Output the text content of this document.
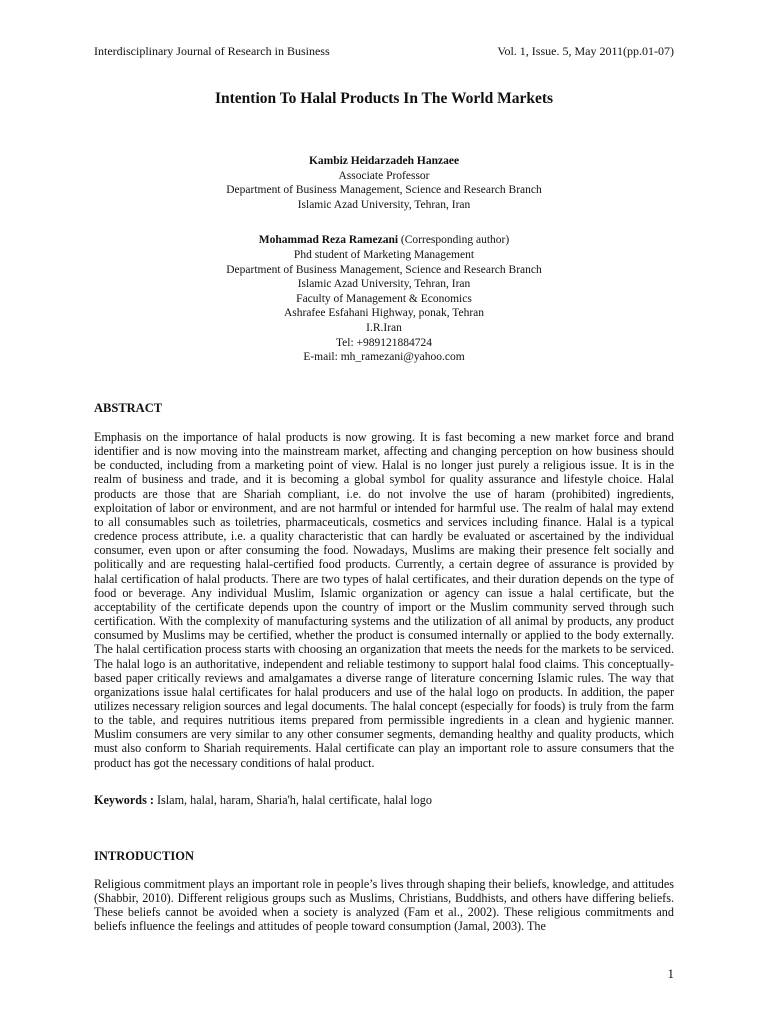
Interdisciplinary Journal of Research in Business	Vol. 1, Issue. 5, May 2011(pp.01-07)
Intention To Halal Products In The World Markets
Kambiz Heidarzadeh Hanzaee
Associate Professor
Department of Business Management, Science and Research Branch
Islamic Azad University, Tehran, Iran
Mohammad Reza Ramezani (Corresponding author)
Phd student of Marketing Management
Department of Business Management, Science and Research Branch
Islamic Azad University, Tehran, Iran
Faculty of Management & Economics
Ashrafee Esfahani Highway, ponak, Tehran
I.R.Iran
Tel: +989121884724
E-mail: mh_ramezani@yahoo.com
ABSTRACT
Emphasis on the importance of halal products is now growing. It is fast becoming a new market force and brand identifier and is now moving into the mainstream market, affecting and changing perception on how business should be conducted, including from a marketing point of view. Halal is no longer just purely a religious issue. It is in the realm of business and trade, and it is becoming a global symbol for quality assurance and lifestyle choice. Halal products are those that are Shariah compliant, i.e. do not involve the use of haram (prohibited) ingredients, exploitation of labor or environment, and are not harmful or intended for harmful use. The realm of halal may extend to all consumables such as toiletries, pharmaceuticals, cosmetics and services including finance. Halal is a typical credence process attribute, i.e. a quality characteristic that can hardly be evaluated or ascertained by the individual consumer, even upon or after consuming the food. Nowadays, Muslims are making their presence felt socially and politically and are requesting halal-certified food products. Currently, a certain degree of assurance is provided by halal certification of halal products. There are two types of halal certificates, and their duration depends on the type of food or beverage. Any individual Muslim, Islamic organization or agency can issue a halal certificate, but the acceptability of the certificate depends upon the country of import or the Muslim community served through such certification. With the complexity of manufacturing systems and the utilization of all animal by products, any product consumed by Muslims may be certified, whether the product is consumed internally or applied to the body externally. The halal certification process starts with choosing an organization that meets the needs for the markets to be serviced. The halal logo is an authoritative, independent and reliable testimony to support halal food claims. This conceptually-based paper critically reviews and amalgamates a diverse range of literature concerning Islamic rules. The way that organizations issue halal certificates for halal producers and use of the halal logo on products. In addition, the paper utilizes necessary religion sources and legal documents. The halal concept (especially for foods) is truly from the farm to the table, and requires nutritious items prepared from permissible ingredients in a clean and hygienic manner. Muslim consumers are very similar to any other consumer segments, demanding healthy and quality products, which must also conform to Shariah requirements. Halal certificate can play an important role to assure consumers that the product has got the necessary conditions of halal product.
Keywords : Islam, halal, haram, Sharia'h, halal certificate, halal logo
INTRODUCTION
Religious commitment plays an important role in people’s lives through shaping their beliefs, knowledge, and attitudes (Shabbir, 2010). Different religious groups such as Muslims, Christians, Buddhists, and others have differing beliefs. These beliefs cannot be avoided when a society is analyzed (Fam et al., 2002). These religious commitments and beliefs influence the feelings and attitudes of people toward consumption (Jamal, 2003). The
1
